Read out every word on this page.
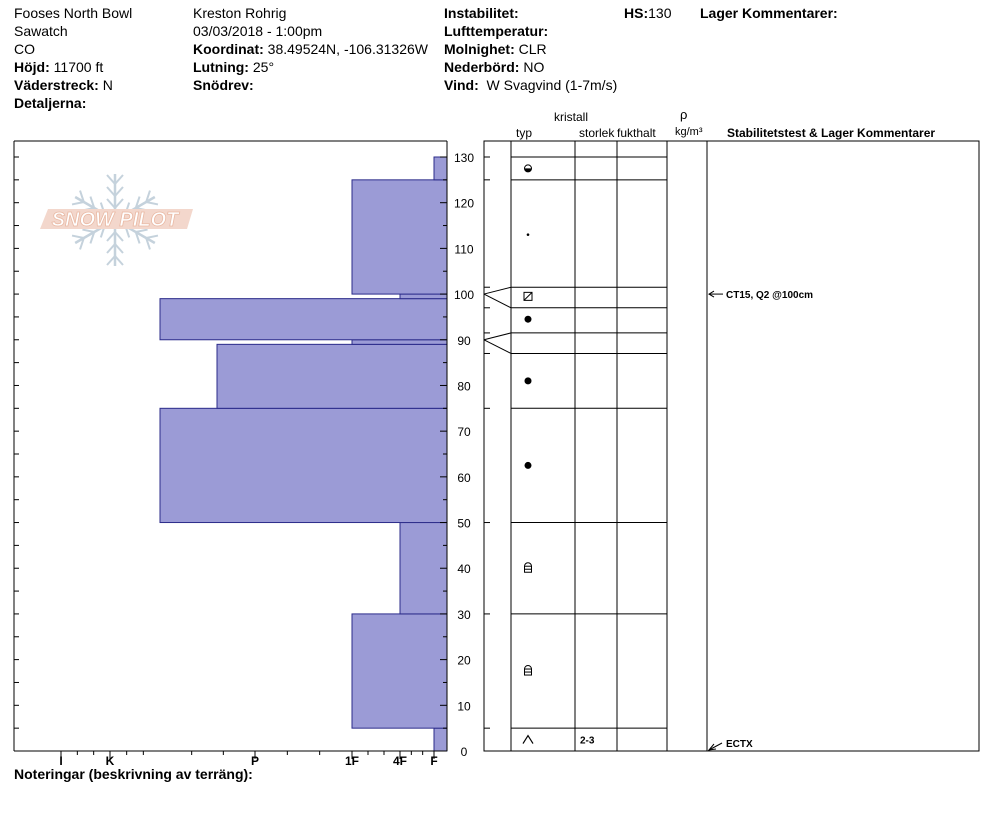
Fooses North Bowl
Sawatch
CO
Höjd: 11700 ft
Väderstreck: N
Detaljerna:
Kreston Rohrig
03/03/2018 - 1:00pm
Koordinat: 38.49524N, -106.31326W
Lutning: 25°
Snödrev:
Instabilitet:
Lufttemperatur:
Molnighet: CLR
Nederbörd: NO
Vind: W Svagvind (1-7m/s)
HS:130 Lager Kommentarer:
Noteringar (beskrivning av terräng):
SNOW PILOT
I	K	P	1F	4F F
0
10
20
30
40
50
60
70
80
90
100
110
120
130
kristall
typ	storlek fukthalt
ρ
kg/m³ Stabilitetstest & Lager Kommentarer
2-3
CT15, Q2 @100cm
ECTX
